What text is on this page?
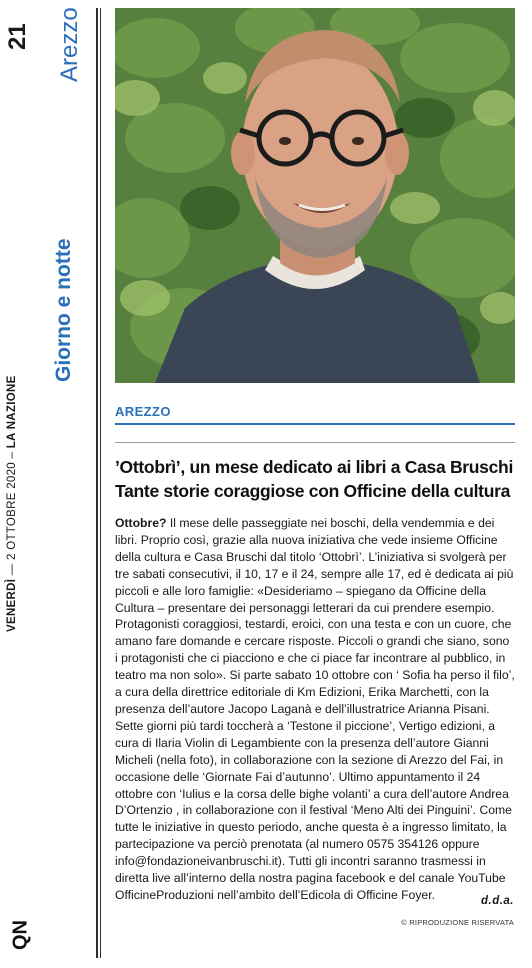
21
VENERDÌ — 2 OTTOBRE 2020 – LA NAZIONE
QN
Arezzo
Giorno e notte
AREZZO
’Ottobrì’, un mese dedicato ai libri a Casa Bruschi
Tante storie coraggiose con Officine della cultura
Ottobre? Il mese delle passeggiate nei boschi, della vendemmia e dei libri. Proprio così, grazie alla nuova iniziativa che vede insieme Officine della cultura e Casa Bruschi dal titolo ‘Ottobrì’. L’iniziativa si svolgerà per tre sabati consecutivi, il 10, 17 e il 24, sempre alle 17, ed è dedicata ai più piccoli e alle loro famiglie: «Desideriamo – spiegano da Officine della Cultura – presentare dei personaggi letterari da cui prendere esempio. Protagonisti coraggiosi, testardi, eroici, con una testa e con un cuore, che amano fare domande e cercare risposte. Piccoli o grandi che siano, sono i protagonisti che ci piacciono e che ci piace far incontrare al pubblico, in teatro ma non solo». Si parte sabato 10 ottobre con ‘ Sofia ha perso il filo’, a cura della direttrice editoriale di Km Edizioni, Erika Marchetti, con la presenza dell’autore Jacopo Laganà e dell’illustratrice Arianna Pisani. Sette giorni più tardi toccherà a ‘Testone il piccione’, Vertigo edizioni, a cura di Ilaria Violin di Legambiente con la presenza dell’autore Gianni Micheli (nella foto), in collaborazione con la sezione di Arezzo del Fai, in occasione delle ‘Giornate Fai d’autunno’. Ultimo appuntamento il 24 ottobre con ‘Iulius e la corsa delle bighe volanti’ a cura dell’autore Andrea D’Ortenzio , in collaborazione con il festival ‘Meno Alti dei Pinguini’. Come tutte le iniziative in questo periodo, anche questa è a ingresso limitato, la partecipazione va perciò prenotata (al numero 0575 354126 oppure info@fondazioneivanbruschi.it). Tutti gli incontri saranno trasmessi in diretta live all’interno della nostra pagina facebook e del canale YouTube OfficineProduzioni nell’ambito dell’Edicola di Officine Foyer.	d.d.a.
© RIPRODUZIONE RISERVATA
